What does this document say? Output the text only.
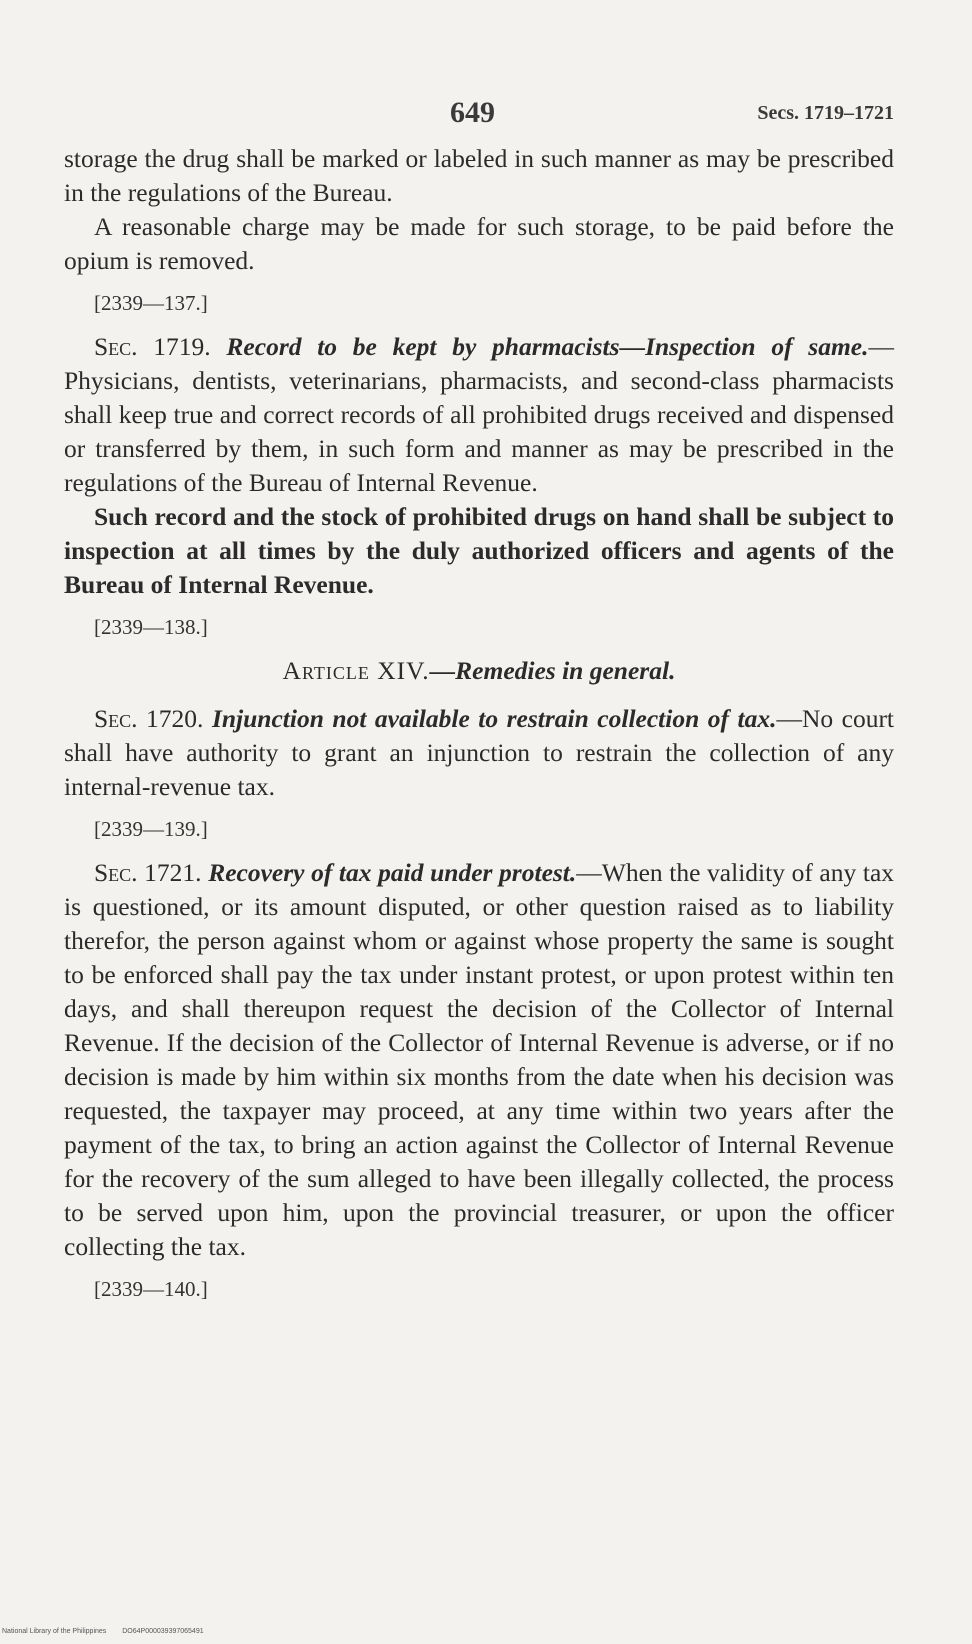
649	Secs. 1719–1721

storage the drug shall be marked or labeled in such manner as may be prescribed in the regulations of the Bureau.

A reasonable charge may be made for such storage, to be paid before the opium is removed.

[2339—137.]

Sec. 1719. Record to be kept by pharmacists—Inspection of same.—Physicians, dentists, veterinarians, pharmacists, and second-class pharmacists shall keep true and correct records of all prohibited drugs received and dispensed or transferred by them, in such form and manner as may be prescribed in the regulations of the Bureau of Internal Revenue.

Such record and the stock of prohibited drugs on hand shall be subject to inspection at all times by the duly authorized officers and agents of the Bureau of Internal Revenue.

[2339—138.]
Article XIV.—Remedies in general.

Sec. 1720. Injunction not available to restrain collection of tax.—No court shall have authority to grant an injunction to restrain the collection of any internal-revenue tax.

[2339—139.]

Sec. 1721. Recovery of tax paid under protest.—When the validity of any tax is questioned, or its amount disputed, or other question raised as to liability therefor, the person against whom or against whose property the same is sought to be enforced shall pay the tax under instant protest, or upon protest within ten days, and shall thereupon request the decision of the Collector of Internal Revenue. If the decision of the Collector of Internal Revenue is adverse, or if no decision is made by him within six months from the date when his decision was requested, the taxpayer may proceed, at any time within two years after the payment of the tax, to bring an action against the Collector of Internal Revenue for the recovery of the sum alleged to have been illegally collected, the process to be served upon him, upon the provincial treasurer, or upon the officer collecting the tax.

[2339—140.]
National Library of the Philippines DO64P000039397065491
